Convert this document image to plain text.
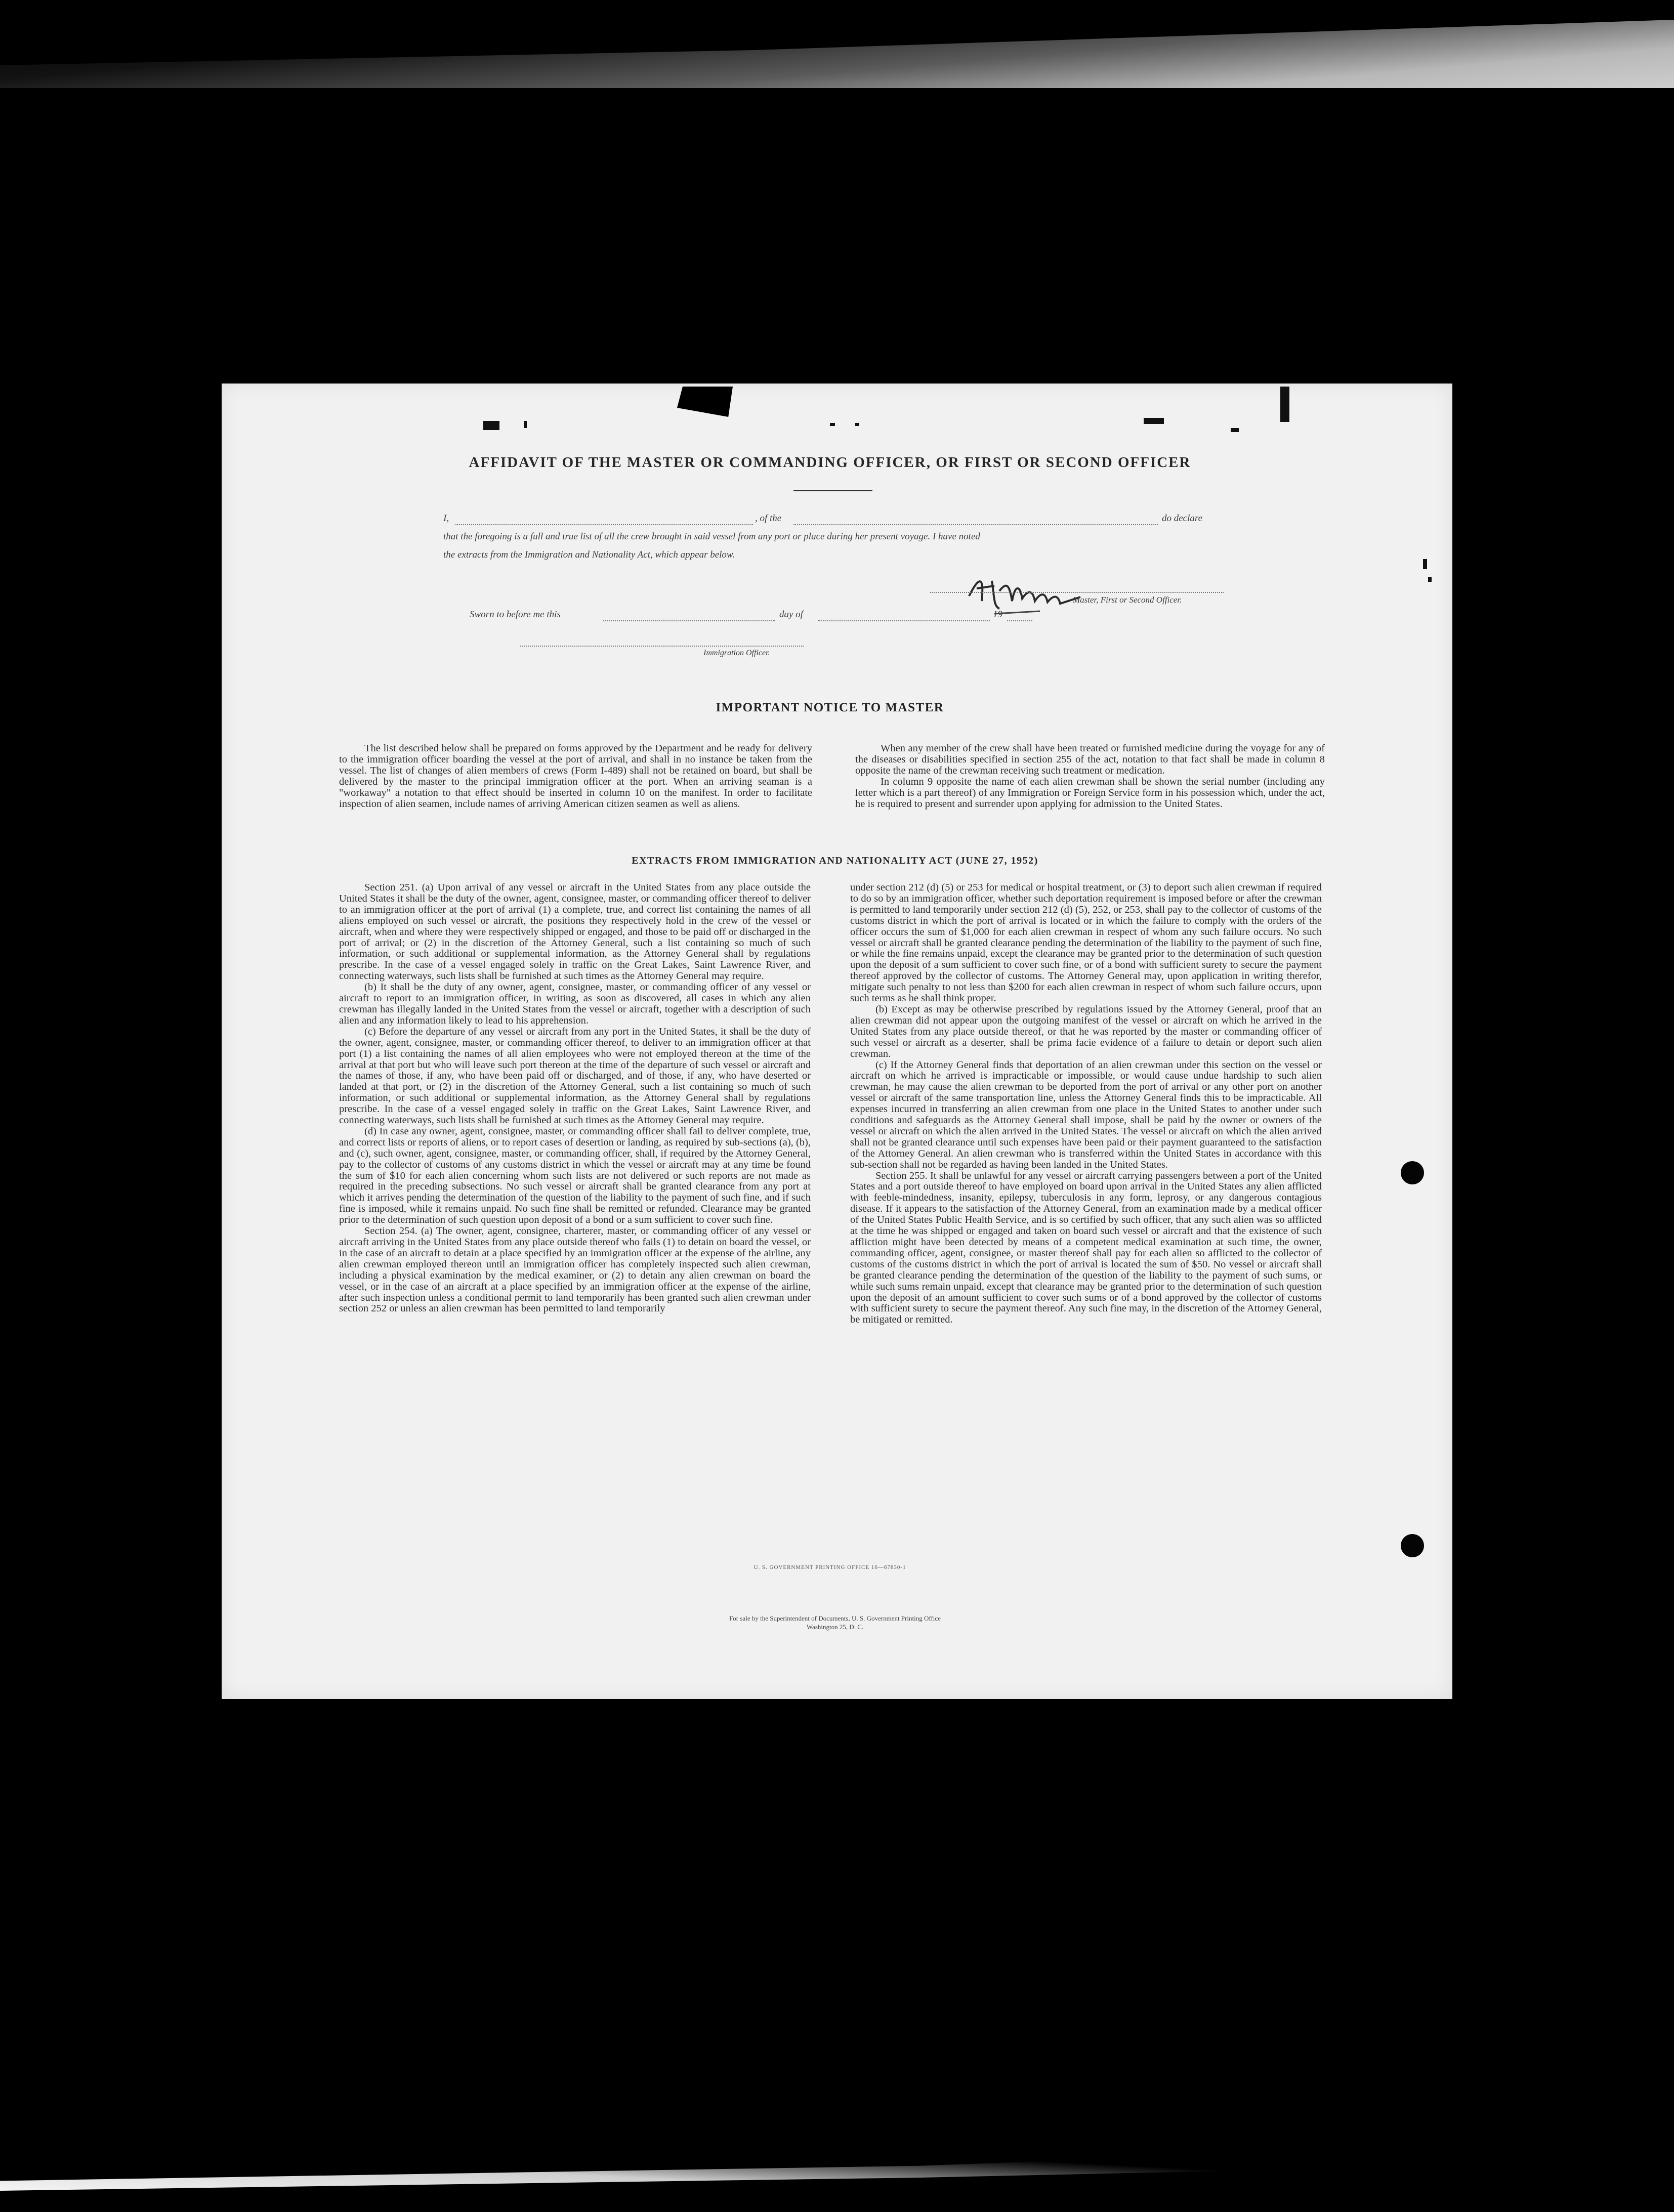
AFFIDAVIT OF THE MASTER OR COMMANDING OFFICER, OR FIRST OR SECOND OFFICER
I,	, of the	do declare
that the foregoing is a full and true list of all the crew brought in said vessel from any port or place during her present voyage. I have noted
the extracts from the Immigration and Nationality Act, which appear below.
Master, First or Second Officer.
Sworn to before me this	day of	19
Immigration Officer.
IMPORTANT NOTICE TO MASTER

The list described below shall be prepared on forms approved by the Department and be ready for delivery to the immigration officer boarding the vessel at the port of arrival, and shall in no instance be taken from the vessel. The list of changes of alien members of crews (Form I-489) shall not be retained on board, but shall be delivered by the master to the principal immigration officer at the port. When an arriving seaman is a "workaway" a notation to that effect should be inserted in column 10 on the manifest. In order to facilitate inspection of alien seamen, include names of arriving American citizen seamen as well as aliens.

When any member of the crew shall have been treated or furnished medicine during the voyage for any of the diseases or disabilities specified in section 255 of the act, notation to that fact shall be made in column 8 opposite the name of the crewman receiving such treatment or medication.

In column 9 opposite the name of each alien crewman shall be shown the serial number (including any letter which is a part thereof) of any Immigration or Foreign Service form in his possession which, under the act, he is required to present and surrender upon applying for admission to the United States.

EXTRACTS FROM IMMIGRATION AND NATIONALITY ACT (JUNE 27, 1952)

Section 251. (a) Upon arrival of any vessel or aircraft in the United States from any place outside the United States it shall be the duty of the owner, agent, consignee, master, or commanding officer thereof to deliver to an immigration officer at the port of arrival (1) a complete, true, and correct list containing the names of all aliens employed on such vessel or aircraft, the positions they respectively hold in the crew of the vessel or aircraft, when and where they were respectively shipped or engaged, and those to be paid off or discharged in the port of arrival; or (2) in the discretion of the Attorney General, such a list containing so much of such information, or such additional or supplemental information, as the Attorney General shall by regulations prescribe. In the case of a vessel engaged solely in traffic on the Great Lakes, Saint Lawrence River, and connecting waterways, such lists shall be furnished at such times as the Attorney General may require.

(b) It shall be the duty of any owner, agent, consignee, master, or commanding officer of any vessel or aircraft to report to an immigration officer, in writing, as soon as discovered, all cases in which any alien crewman has illegally landed in the United States from the vessel or aircraft, together with a description of such alien and any information likely to lead to his apprehension.

(c) Before the departure of any vessel or aircraft from any port in the United States, it shall be the duty of the owner, agent, consignee, master, or commanding officer thereof, to deliver to an immigration officer at that port (1) a list containing the names of all alien employees who were not employed thereon at the time of the arrival at that port but who will leave such port thereon at the time of the departure of such vessel or aircraft and the names of those, if any, who have been paid off or discharged, and of those, if any, who have deserted or landed at that port, or (2) in the discretion of the Attorney General, such a list containing so much of such information, or such additional or supplemental information, as the Attorney General shall by regulations prescribe. In the case of a vessel engaged solely in traffic on the Great Lakes, Saint Lawrence River, and connecting waterways, such lists shall be furnished at such times as the Attorney General may require.

(d) In case any owner, agent, consignee, master, or commanding officer shall fail to deliver complete, true, and correct lists or reports of aliens, or to report cases of desertion or landing, as required by sub-sections (a), (b), and (c), such owner, agent, consignee, master, or commanding officer, shall, if required by the Attorney General, pay to the collector of customs of any customs district in which the vessel or aircraft may at any time be found the sum of $10 for each alien concerning whom such lists are not delivered or such reports are not made as required in the preceding subsections. No such vessel or aircraft shall be granted clearance from any port at which it arrives pending the determination of the question of the liability to the payment of such fine, and if such fine is imposed, while it remains unpaid. No such fine shall be remitted or refunded. Clearance may be granted prior to the determination of such question upon deposit of a bond or a sum sufficient to cover such fine.

Section 254. (a) The owner, agent, consignee, charterer, master, or commanding officer of any vessel or aircraft arriving in the United States from any place outside thereof who fails (1) to detain on board the vessel, or in the case of an aircraft to detain at a place specified by an immigration officer at the expense of the airline, any alien crewman employed thereon until an immigration officer has completely inspected such alien crewman, including a physical examination by the medical examiner, or (2) to detain any alien crewman on board the vessel, or in the case of an aircraft at a place specified by an immigration officer at the expense of the airline, after such inspection unless a conditional permit to land temporarily has been granted such alien crewman under section 252 or unless an alien crewman has been permitted to land temporarily

under section 212 (d) (5) or 253 for medical or hospital treatment, or (3) to deport such alien crewman if required to do so by an immigration officer, whether such deportation requirement is imposed before or after the crewman is permitted to land temporarily under section 212 (d) (5), 252, or 253, shall pay to the collector of customs of the customs district in which the port of arrival is located or in which the failure to comply with the orders of the officer occurs the sum of $1,000 for each alien crewman in respect of whom any such failure occurs. No such vessel or aircraft shall be granted clearance pending the determination of the liability to the payment of such fine, or while the fine remains unpaid, except the clearance may be granted prior to the determination of such question upon the deposit of a sum sufficient to cover such fine, or of a bond with sufficient surety to secure the payment thereof approved by the collector of customs. The Attorney General may, upon application in writing therefor, mitigate such penalty to not less than $200 for each alien crewman in respect of whom such failure occurs, upon such terms as he shall think proper.

(b) Except as may be otherwise prescribed by regulations issued by the Attorney General, proof that an alien crewman did not appear upon the outgoing manifest of the vessel or aircraft on which he arrived in the United States from any place outside thereof, or that he was reported by the master or commanding officer of such vessel or aircraft as a deserter, shall be prima facie evidence of a failure to detain or deport such alien crewman.

(c) If the Attorney General finds that deportation of an alien crewman under this section on the vessel or aircraft on which he arrived is impracticable or impossible, or would cause undue hardship to such alien crewman, he may cause the alien crewman to be deported from the port of arrival or any other port on another vessel or aircraft of the same transportation line, unless the Attorney General finds this to be impracticable. All expenses incurred in transferring an alien crewman from one place in the United States to another under such conditions and safeguards as the Attorney General shall impose, shall be paid by the owner or owners of the vessel or aircraft on which the alien arrived in the United States. The vessel or aircraft on which the alien arrived shall not be granted clearance until such expenses have been paid or their payment guaranteed to the satisfaction of the Attorney General. An alien crewman who is transferred within the United States in accordance with this sub-section shall not be regarded as having been landed in the United States.

Section 255. It shall be unlawful for any vessel or aircraft carrying passengers between a port of the United States and a port outside thereof to have employed on board upon arrival in the United States any alien afflicted with feeble-mindedness, insanity, epilepsy, tuberculosis in any form, leprosy, or any dangerous contagious disease. If it appears to the satisfaction of the Attorney General, from an examination made by a medical officer of the United States Public Health Service, and is so certified by such officer, that any such alien was so afflicted at the time he was shipped or engaged and taken on board such vessel or aircraft and that the existence of such affliction might have been detected by means of a competent medical examination at such time, the owner, commanding officer, agent, consignee, or master thereof shall pay for each alien so afflicted to the collector of customs of the customs district in which the port of arrival is located the sum of $50. No vessel or aircraft shall be granted clearance pending the determination of the question of the liability to the payment of such sums, or while such sums remain unpaid, except that clearance may be granted prior to the determination of such question upon the deposit of an amount sufficient to cover such sums or of a bond approved by the collector of customs with sufficient surety to secure the payment thereof. Any such fine may, in the discretion of the Attorney General, be mitigated or remitted.

U. S. GOVERNMENT PRINTING OFFICE 16—67830-1
For sale by the Superintendent of Documents, U. S. Government Printing Office
Washington 25, D. C.
